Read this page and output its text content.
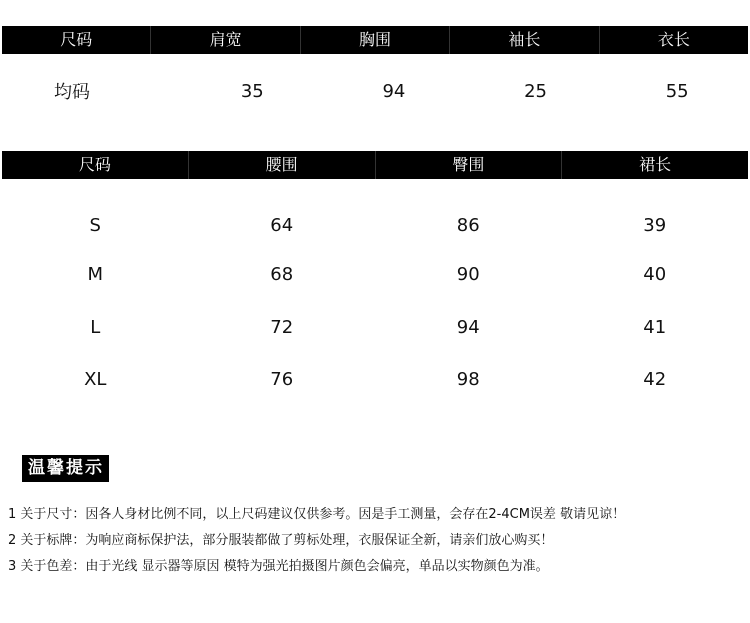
尺码	肩宽	胸围	袖长	衣长
均码	35	94	25	55
尺码	腰围	臀围	裙长
S	64	86	39
M	68	90	40
L	72	94	41
XL	76	98	42
温馨提示
1 关于尺寸：因各人身材比例不同，以上尺码建议仅供参考。因是手工测量，会存在2-4CM误差 敬请见谅！
2 关于标牌：为响应商标保护法，部分服装都做了剪标处理，衣服保证全新，请亲们放心购买！
3 关于色差：由于光线 显示器等原因 模特为强光拍摄图片颜色会偏亮，单品以实物颜色为准。
